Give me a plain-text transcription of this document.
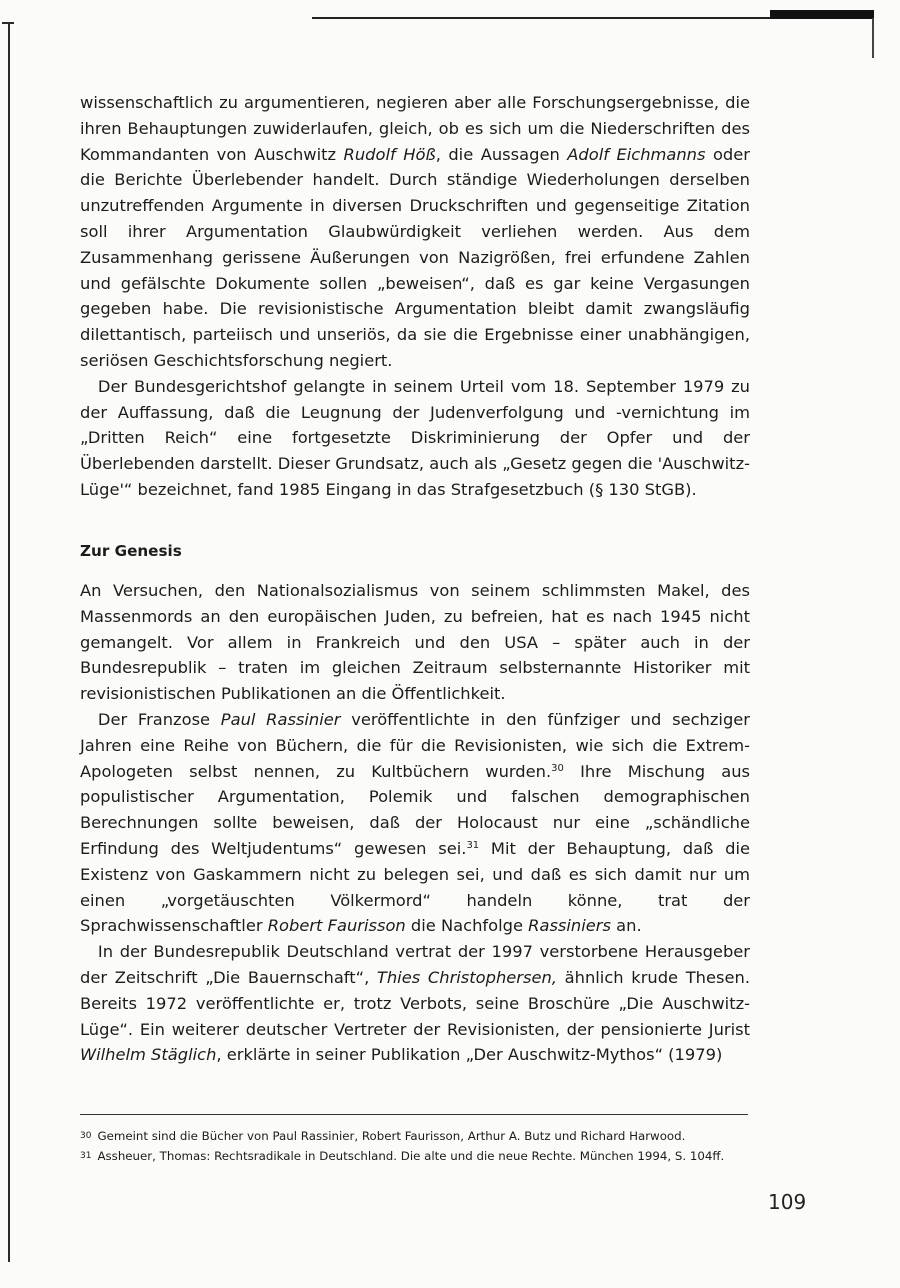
wissenschaftlich zu argumentieren, negieren aber alle Forschungsergebnisse, die ihren Behauptungen zuwiderlaufen, gleich, ob es sich um die Niederschriften des Kommandanten von Auschwitz Rudolf Höß, die Aussagen Adolf Eichmanns oder die Berichte Überlebender handelt. Durch ständige Wiederholungen derselben unzutreffenden Argumente in diversen Druckschriften und gegenseitige Zitation soll ihrer Argumentation Glaubwürdigkeit verliehen werden. Aus dem Zusammenhang gerissene Äußerungen von Nazigrößen, frei erfundene Zahlen und gefälschte Dokumente sollen „beweisen“, daß es gar keine Vergasungen gegeben habe. Die revisionistische Argumentation bleibt damit zwangsläufig dilettantisch, parteiisch und unseriös, da sie die Ergebnisse einer unabhängigen, seriösen Geschichtsforschung negiert.

Der Bundesgerichtshof gelangte in seinem Urteil vom 18. September 1979 zu der Auffassung, daß die Leugnung der Judenverfolgung und -vernichtung im „Dritten Reich“ eine fortgesetzte Diskriminierung der Opfer und der Überlebenden darstellt. Dieser Grundsatz, auch als „Gesetz gegen die 'Auschwitz-Lüge'“ bezeichnet, fand 1985 Eingang in das Strafgesetzbuch (§ 130 StGB).

Zur Genesis

An Versuchen, den Nationalsozialismus von seinem schlimmsten Makel, des Massenmords an den europäischen Juden, zu befreien, hat es nach 1945 nicht gemangelt. Vor allem in Frankreich und den USA – später auch in der Bundesrepublik – traten im gleichen Zeitraum selbsternannte Historiker mit revisionistischen Publikationen an die Öffentlichkeit.

Der Franzose Paul Rassinier veröffentlichte in den fünfziger und sechziger Jahren eine Reihe von Büchern, die für die Revisionisten, wie sich die Extrem-Apologeten selbst nennen, zu Kultbüchern wurden.$^{30}$ Ihre Mischung aus populistischer Argumentation, Polemik und falschen demographischen Berechnungen sollte beweisen, daß der Holocaust nur eine „schändliche Erfindung des Weltjudentums“ gewesen sei.$^{31}$ Mit der Behauptung, daß die Existenz von Gaskammern nicht zu belegen sei, und daß es sich damit nur um einen „vorgetäuschten Völkermord“ handeln könne, trat der Sprachwissenschaftler Robert Faurisson die Nachfolge Rassiniers an.

In der Bundesrepublik Deutschland vertrat der 1997 verstorbene Herausgeber der Zeitschrift „Die Bauernschaft“, Thies Christophersen, ähnlich krude Thesen. Bereits 1972 veröffentlichte er, trotz Verbots, seine Broschüre „Die Auschwitz-Lüge“. Ein weiterer deutscher Vertreter der Revisionisten, der pensionierte Jurist Wilhelm Stäglich, erklärte in seiner Publikation „Der Auschwitz-Mythos“ (1979)

30 Gemeint sind die Bücher von Paul Rassinier, Robert Faurisson, Arthur A. Butz und Richard Harwood.

31 Assheuer, Thomas: Rechtsradikale in Deutschland. Die alte und die neue Rechte. München 1994, S. 104ff.

109
